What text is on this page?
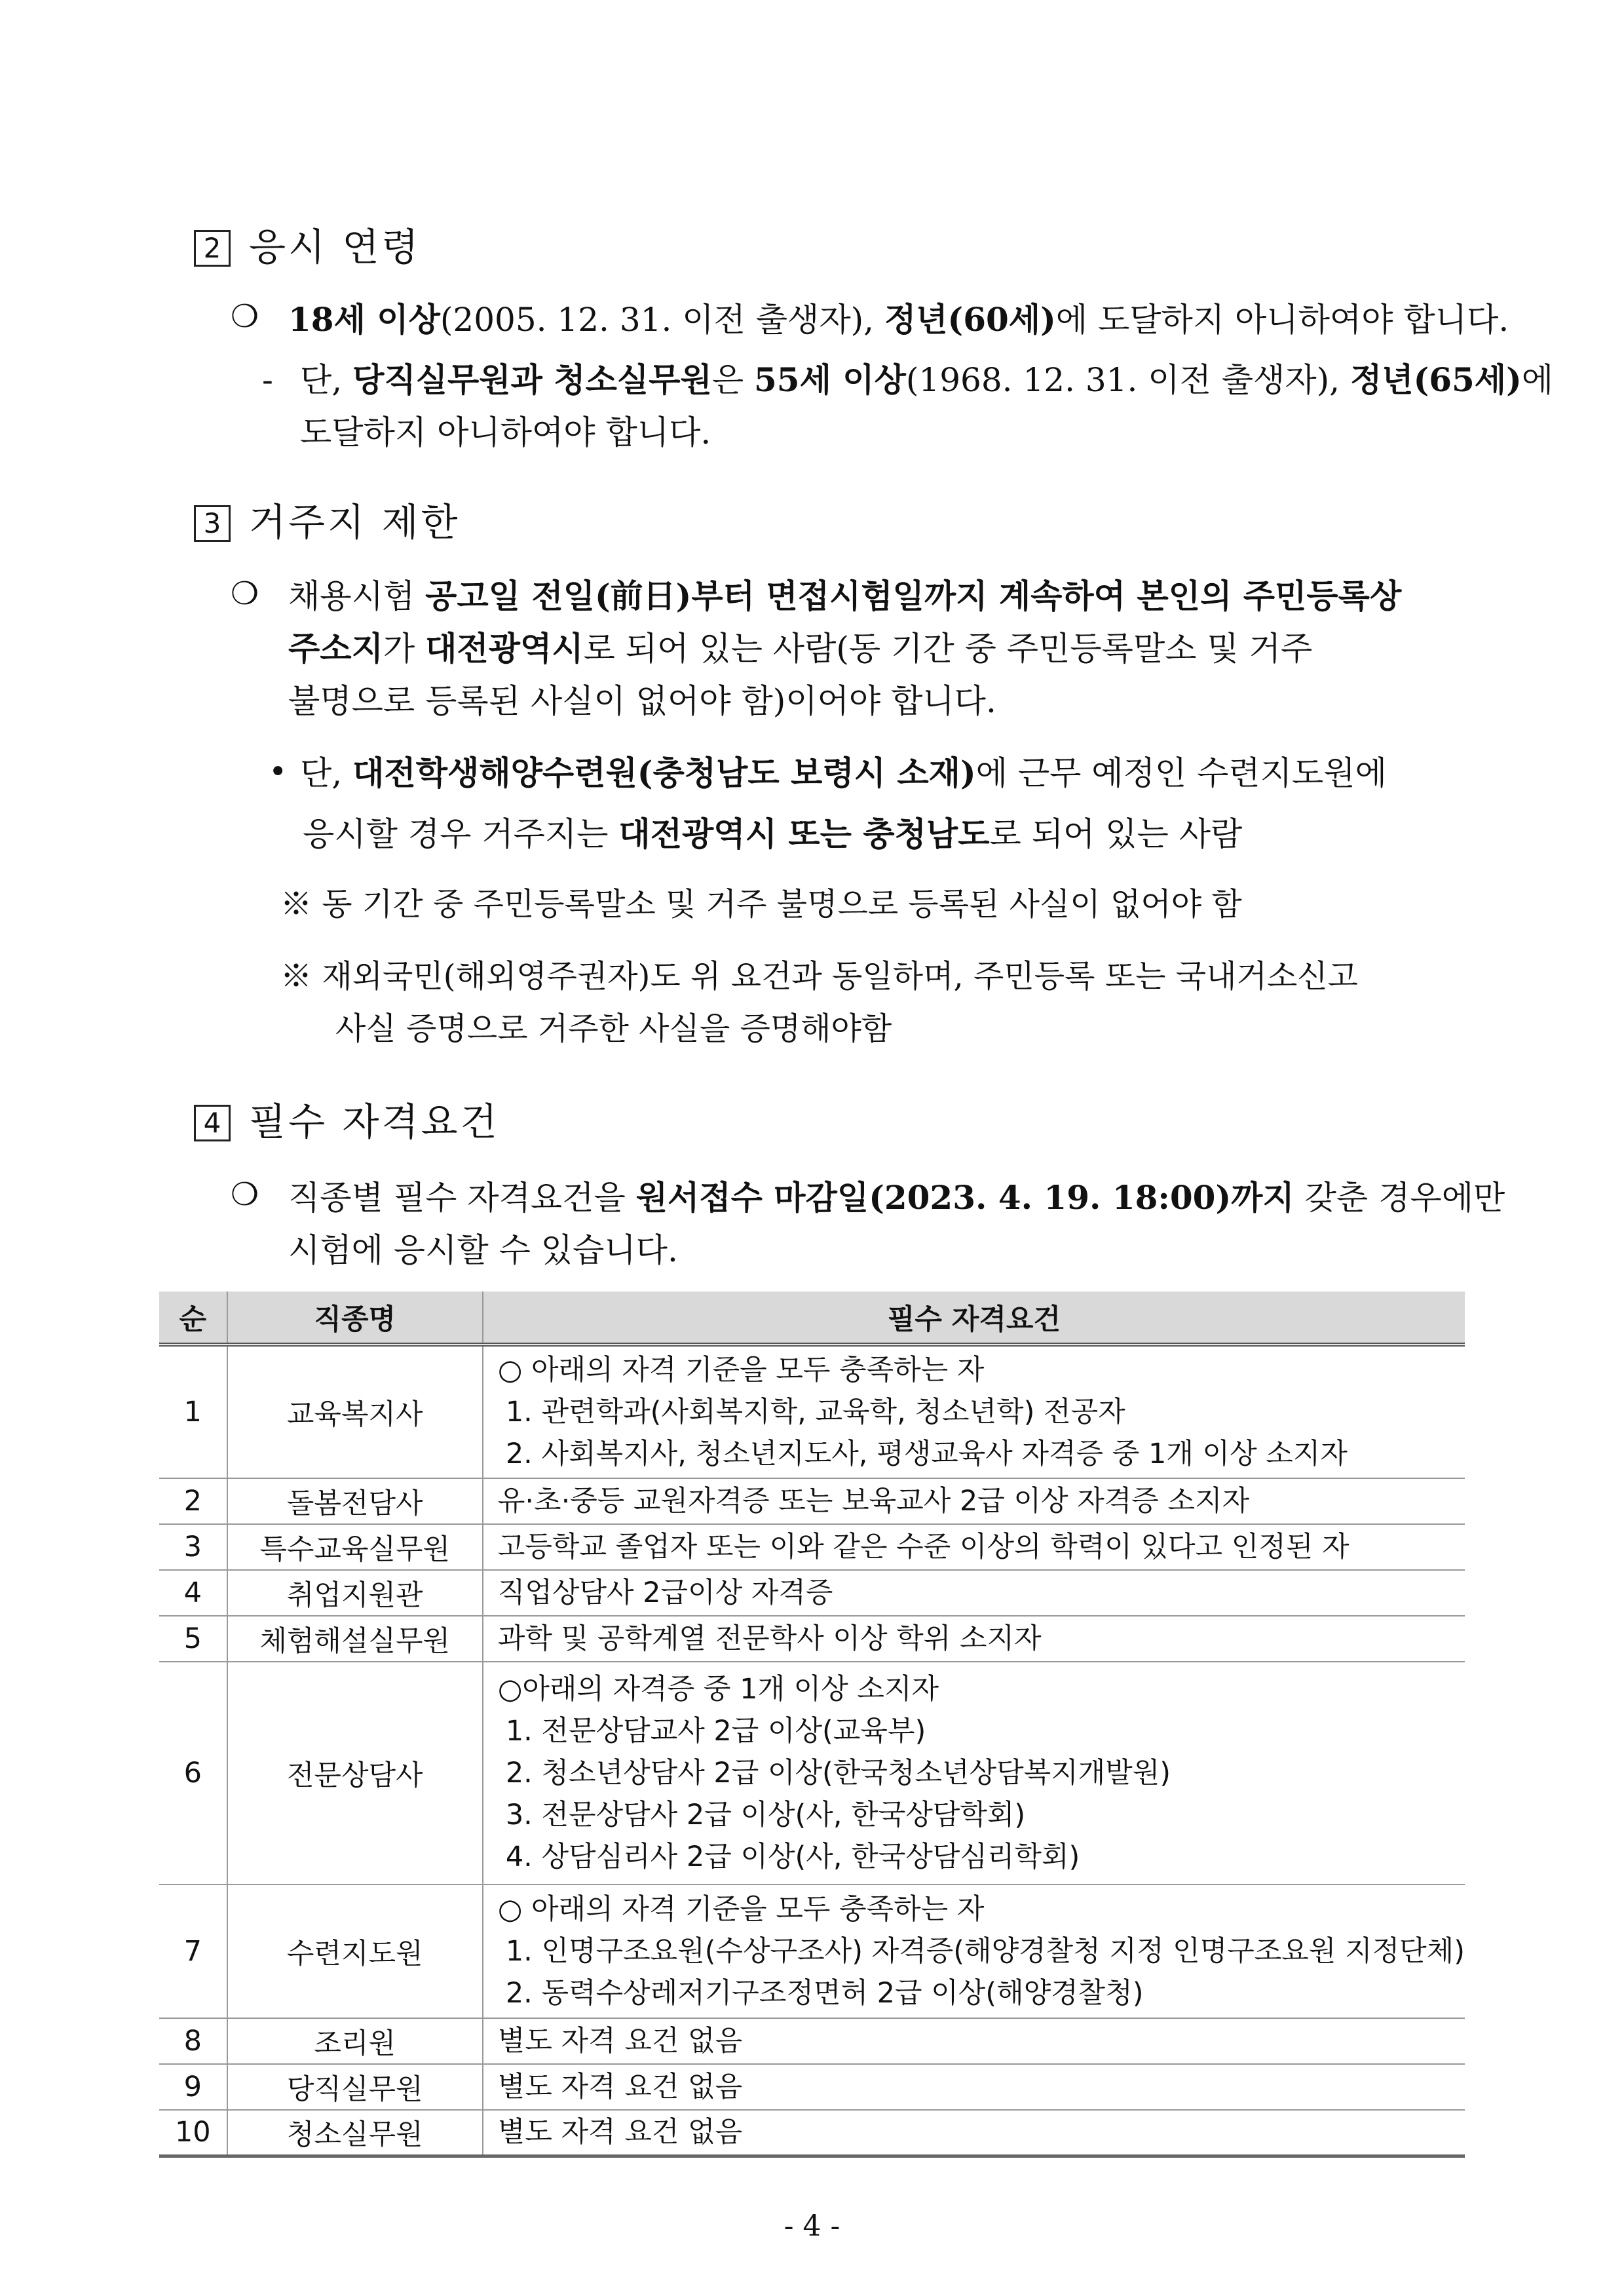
2 응시 연령
❍ 18세 이상(2005. 12. 31. 이전 출생자), 정년(60세)에 도달하지 아니하여야 합니다.
- 단, 당직실무원과 청소실무원은 55세 이상(1968. 12. 31. 이전 출생자), 정년(65세)에
도달하지 아니하여야 합니다.
3 거주지 제한
❍ 채용시험 공고일 전일(前日)부터 면접시험일까지 계속하여 본인의 주민등록상
주소지가 대전광역시로 되어 있는 사람(동 기간 중 주민등록말소 및 거주
불명으로 등록된 사실이 없어야 함)이어야 합니다.
• 단, 대전학생해양수련원(충청남도 보령시 소재)에 근무 예정인 수련지도원에
응시할 경우 거주지는 대전광역시 또는 충청남도로 되어 있는 사람
※ 동 기간 중 주민등록말소 및 거주 불명으로 등록된 사실이 없어야 함
※ 재외국민(해외영주권자)도 위 요건과 동일하며, 주민등록 또는 국내거소신고
사실 증명으로 거주한 사실을 증명해야함
4 필수 자격요건
❍ 직종별 필수 자격요건을 원서접수 마감일(2023. 4. 19. 18:00)까지 갖춘 경우에만
시험에 응시할 수 있습니다.
순	직종명	필수 자격요건
1	교육복지사	○ 아래의 자격 기준을 모두 충족하는 자
1. 관련학과(사회복지학, 교육학, 청소년학) 전공자
2. 사회복지사, 청소년지도사, 평생교육사 자격증 중 1개 이상 소지자

2	돌봄전담사	유·초·중등 교원자격증 또는 보육교사 2급 이상 자격증 소지자

3	특수교육실무원	고등학교 졸업자 또는 이와 같은 수준 이상의 학력이 있다고 인정된 자

4	취업지원관	직업상담사 2급이상 자격증

5	체험해설실무원	과학 및 공학계열 전문학사 이상 학위 소지자

6	전문상담사	○아래의 자격증 중 1개 이상 소지자
1. 전문상담교사 2급 이상(교육부)
2. 청소년상담사 2급 이상(한국청소년상담복지개발원)
3. 전문상담사 2급 이상(사, 한국상담학회)
4. 상담심리사 2급 이상(사, 한국상담심리학회)

7	수련지도원	○ 아래의 자격 기준을 모두 충족하는 자
1. 인명구조요원(수상구조사) 자격증(해양경찰청 지정 인명구조요원 지정단체)
2. 동력수상레저기구조정면허 2급 이상(해양경찰청)

8	조리원	별도 자격 요건 없음

9	당직실무원	별도 자격 요건 없음

10	청소실무원	별도 자격 요건 없음
- 4 -
